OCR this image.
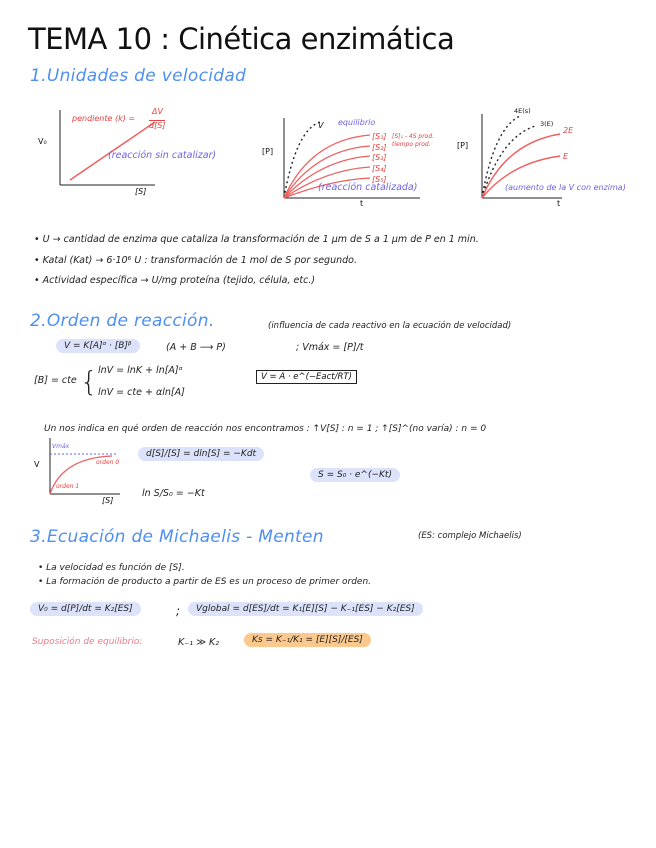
TEMA 10 : Cinética enzimática
1.Unidades de velocidad
V₀
[S]
pendiente (k) =
ΔV
d[S]
(reacción sin catalizar)	[P]
t
V equilibrio
[S₁]
[S₂]
[S₃]
[S₄]
[S₅]
[S]₁ - 4S prod.
tiempo prod.
(reacción catalizada)
[P]
t
4E(s)
3(E)
2E
E
(aumento de la V con enzima)
• U → cantidad de enzima que cataliza la transformación de 1 μm de S a 1 μm de P en 1 min.
• Katal (Kat) → 6·10⁶ U : transformación de 1 mol de S por segundo.
• Actividad específica → U/mg proteína (tejido, célula, etc.)
2.Orden de reacción.	(influencia de cada reactivo en la ecuación de velocidad)
V = K[A]ᵅ · [B]ᵝ	(A + B ⟶ P)	; Vmáx = [P]/t
[B] = cte { lnV = lnK + ln[A]ᵅ
lnV = cte + αln[A]
V = A · e^(−Eact/RT)
Un nos indica en qué orden de reacción nos encontramos : ↑V[S] : n = 1 ; ↑[S]^(no varía) : n = 0
V
[S]
Vmáx
orden 0
orden 1
d[S]/[S] = dln[S] = −Kdt
ln S/S₀ = −Kt
S = S₀ · e^(−Kt)
3.Ecuación de Michaelis - Menten	(ES: complejo Michaelis)
• La velocidad es función de [S].
• La formación de producto a partir de ES es un proceso de primer orden.
V₀ = d[P]/dt = K₂[ES]	;	Vglobal = d[ES]/dt = K₁[E][S] − K₋₁[ES] − K₂[ES]
Suposición de equilibrio:	K₋₁ ≫ K₂	Ks = K₋₁/K₁ = [E][S]/[ES]
